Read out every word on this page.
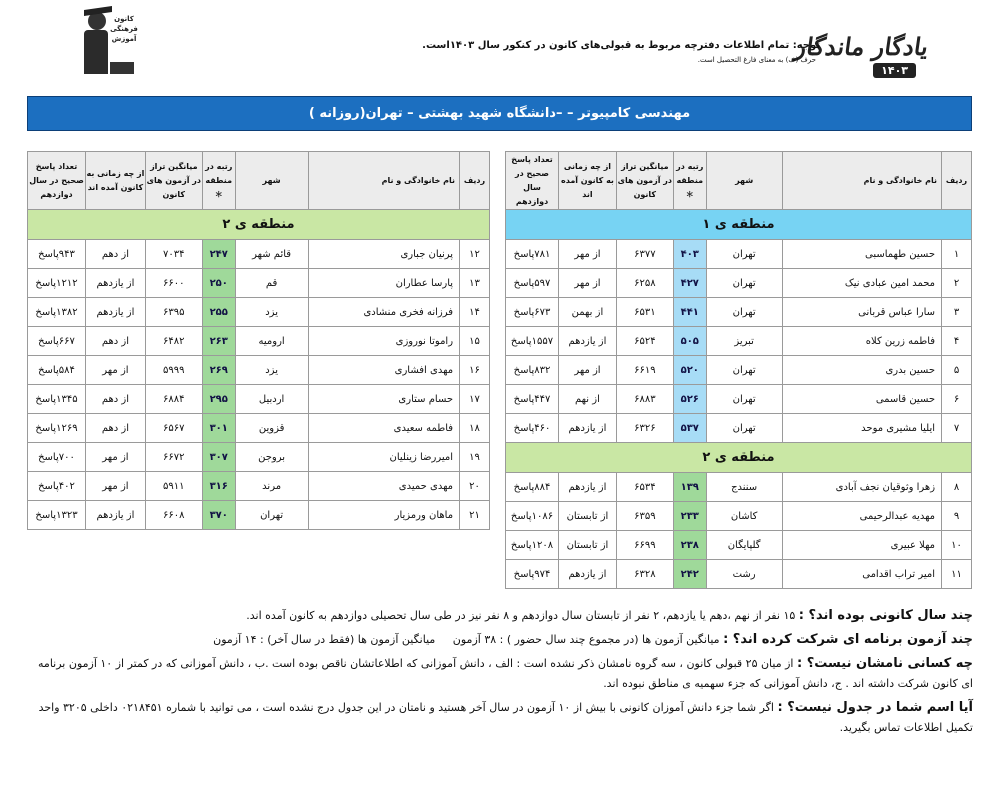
یادگار ماندگار
۱۴۰۳
توجه: تمام اطلاعات دفترچه مربوط به قبولی‌های کانون در کنکور سال ۱۴۰۳است.
حرف (ف) به معنای فارغ التحصیل است.
کانون فرهنگی آموزش
مهندسی کامپیوتر – –دانشگاه شهید بهشتی – تهران(روزانه )
ردیف	نام خانوادگی و نام	شهر	رتبه در منطقه ＊	میانگین تراز در آزمون های کانون	از چه زمانی به کانون آمده اند	تعداد پاسخ صحیح در سال دوازدهم
منطقه ی ۱						
۱	حسین طهماسبی	تهران	۴۰۳	۶۳۷۷	از مهر	۷۸۱پاسخ
۲	محمد امین عبادی نیک	تهران	۴۲۷	۶۲۵۸	از مهر	۵۹۷پاسخ
۳	سارا عباس قربانی	تهران	۴۴۱	۶۵۳۱	از بهمن	۶۷۳پاسخ
۴	فاطمه زرین کلاه	تبریز	۵۰۵	۶۵۲۴	از یازدهم	۱۵۵۷پاسخ
۵	حسین بدری	تهران	۵۲۰	۶۶۱۹	از مهر	۸۳۲پاسخ
۶	حسین قاسمی	تهران	۵۲۶	۶۸۸۳	از نهم	۴۴۷پاسخ
۷	ایلیا مشیری موحد	تهران	۵۳۷	۶۳۲۶	از یازدهم	۴۶۰پاسخ
منطقه ی ۲						
۸	زهرا وثوقیان نجف آبادی	سنندج	۱۳۹	۶۵۳۴	از یازدهم	۸۸۴پاسخ
۹	مهدیه عبدالرحیمی	کاشان	۲۳۳	۶۳۵۹	از تابستان	۱۰۸۶پاسخ
۱۰	مهلا عبیری	گلپایگان	۲۳۸	۶۶۹۹	از تابستان	۱۲۰۸پاسخ
۱۱	امیر تراب اقدامی	رشت	۲۴۲	۶۳۲۸	از یازدهم	۹۷۴پاسخ
ردیف	نام خانوادگی و نام	شهر	رتبه در منطقه ＊	میانگین تراز در آزمون های کانون	از چه زمانی به کانون آمده اند	تعداد پاسخ صحیح در سال دوازدهم
منطقه ی ۲						
۱۲	پرنیان جباری	قائم شهر	۲۴۷	۷۰۳۴	از دهم	۹۴۳پاسخ
۱۳	پارسا عطاران	قم	۲۵۰	۶۶۰۰	از یازدهم	۱۲۱۲پاسخ
۱۴	فرزانه فخری منشادی	یزد	۲۵۵	۶۳۹۵	از یازدهم	۱۳۸۲پاسخ
۱۵	راموتا نوروزی	ارومیه	۲۶۳	۶۴۸۲	از دهم	۶۶۷پاسخ
۱۶	مهدی افشاری	یزد	۲۶۹	۵۹۹۹	از مهر	۵۸۴پاسخ
۱۷	حسام ستاری	اردبیل	۲۹۵	۶۸۸۴	از دهم	۱۳۴۵پاسخ
۱۸	فاطمه سعیدی	قزوین	۳۰۱	۶۵۶۷	از دهم	۱۲۶۹پاسخ
۱۹	امیررضا زینلیان	بروجن	۳۰۷	۶۶۷۲	از مهر	۷۰۰پاسخ
۲۰	مهدی حمیدی	مرند	۳۱۶	۵۹۱۱	از مهر	۴۰۲پاسخ
۲۱	ماهان ورمزیار	تهران	۳۷۰	۶۶۰۸	از یازدهم	۱۳۲۳پاسخ
چند سال کانونی بوده اند؟ : ۱۵ نفر از نهم ،دهم یا یازدهم، ۲ نفر از تابستان سال دوازدهم و ۸ نفر نیز در طی سال تحصیلی دوازدهم به کانون آمده اند.
چند آزمون برنامه ای شرکت کرده اند؟ : میانگین آزمون ها (در مجموع چند سال حضور ) : ۳۸ آزمون میانگین آزمون ها (فقط در سال آخر) : ۱۴ آزمون
چه کسانی نامشان نیست؟ : از میان ۲۵ قبولی کانون ، سه گروه نامشان ذکر نشده است : الف ، دانش آموزانی که اطلاعاتشان ناقص بوده است .ب ، دانش آموزانی که در کمتر از ۱۰ آزمون برنامه ای کانون شرکت داشته اند . ج، دانش آموزانی که جزء سهمیه ی مناطق نبوده اند.
آیا اسم شما در جدول نیست؟ : اگر شما جزء دانش آموزان کانونی با بیش از ۱۰ آزمون در سال آخر هستید و نامتان در این جدول درج نشده است ، می توانید با شماره ۰۲۱۸۴۵۱ داخلی ۳۲۰۵ واحد تکمیل اطلاعات تماس بگیرید.
